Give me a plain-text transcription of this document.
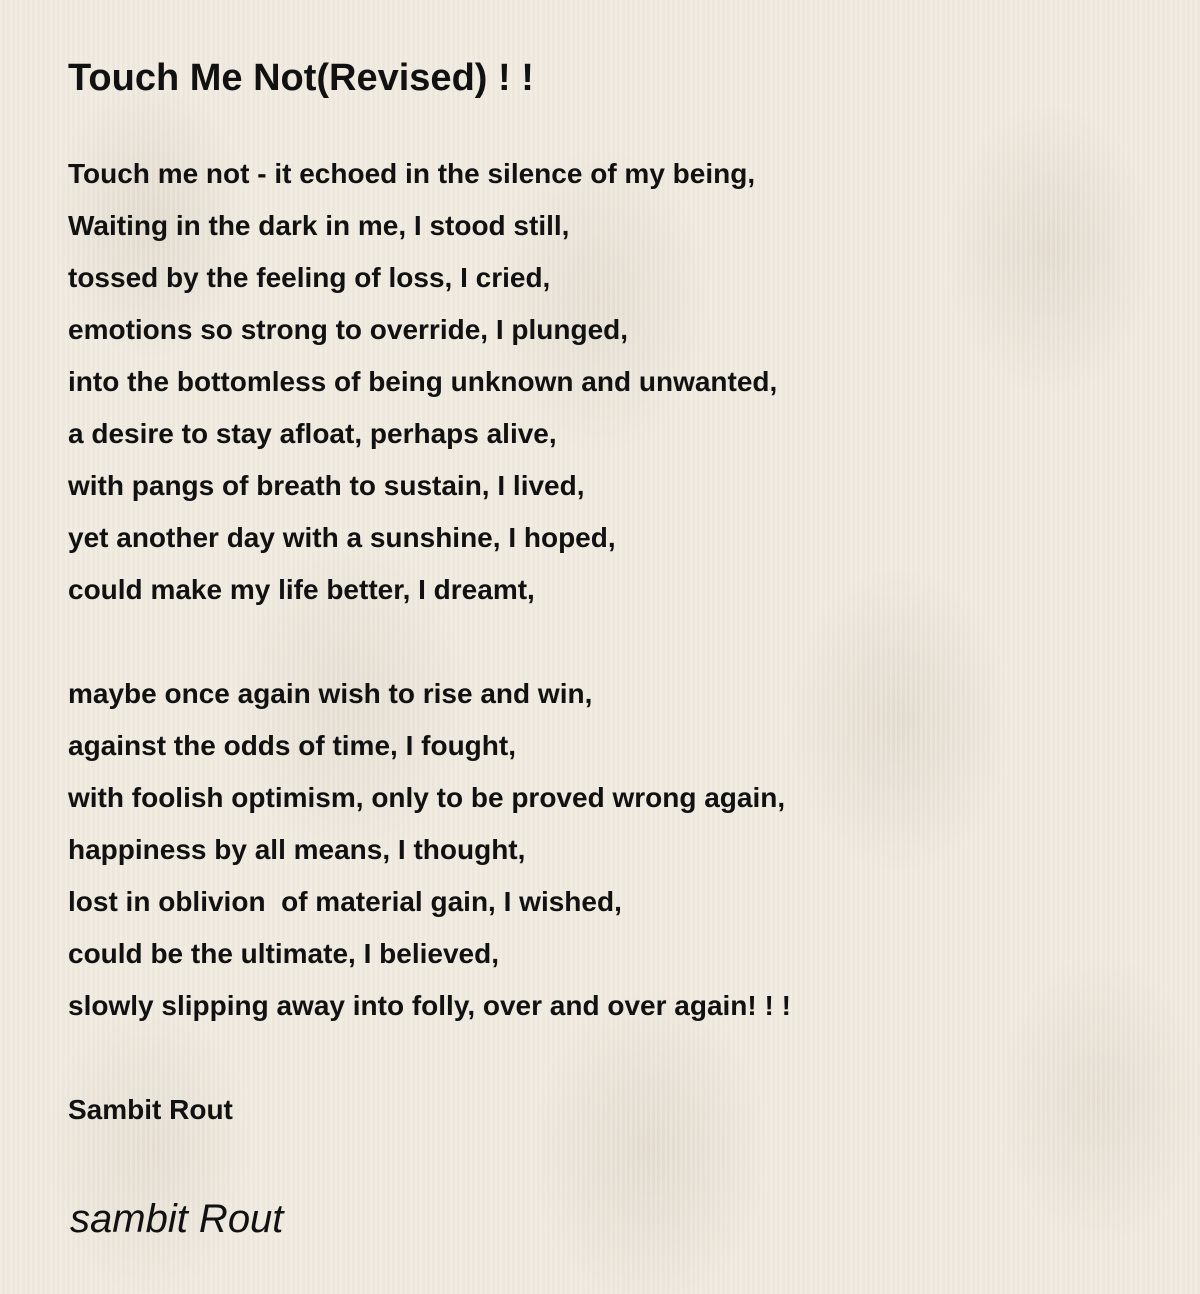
Touch Me Not(Revised) ! !
Touch me not - it echoed in the silence of my being,
Waiting in the dark in me, I stood still,
tossed by the feeling of loss, I cried,
emotions so strong to override, I plunged,
into the bottomless of being unknown and unwanted,
a desire to stay afloat, perhaps alive,
with pangs of breath to sustain, I lived,
yet another day with a sunshine, I hoped,
could make my life better, I dreamt,
maybe once again wish to rise and win,
against the odds of time, I fought,
with foolish optimism, only to be proved wrong again,
happiness by all means, I thought,
lost in oblivion  of material gain, I wished,
could be the ultimate, I believed,
slowly slipping away into folly, over and over again! ! !
Sambit Rout
sambit Rout
